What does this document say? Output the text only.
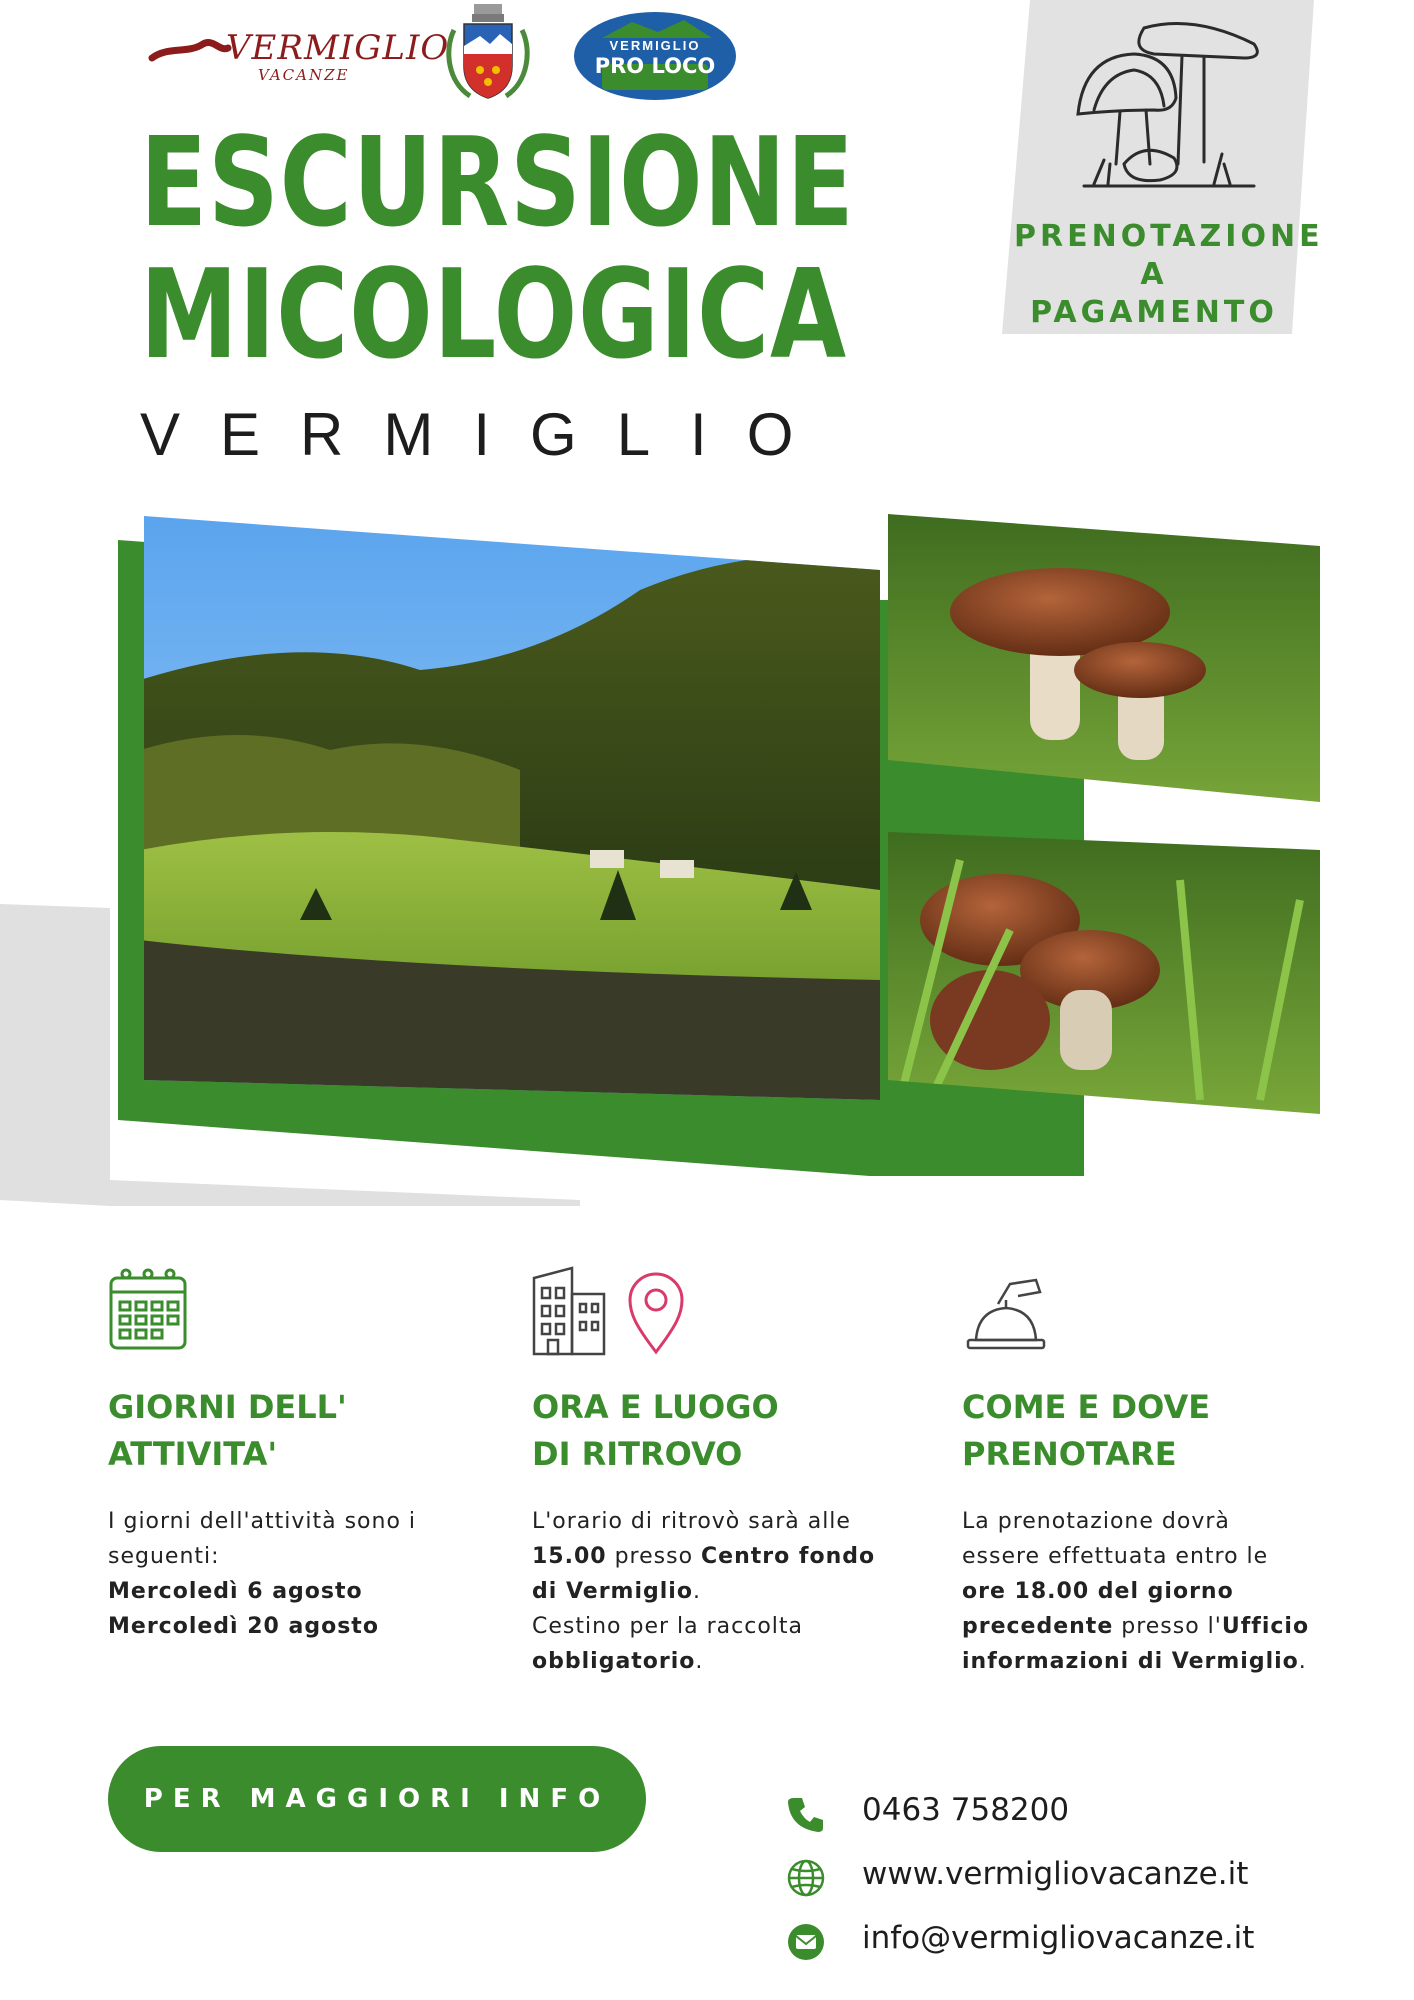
VERMIGLIO
VACANZE
VERMIGLIO
PRO LOCO
ESCURSIONE
MICOLOGICA
VERMIGLIO
PRENOTAZIONE
A PAGAMENTO
GIORNI DELL'
ATTIVITA'

I giorni dell'attività sono i
seguenti:
Mercoledì 6 agosto
Mercoledì 20 agosto

ORA E LUOGO
DI RITROVO

L'orario di ritrovò sarà alle
15.00 presso Centro fondo
di Vermiglio.
Cestino per la raccolta
obbligatorio.

COME E DOVE
PRENOTARE

La prenotazione dovrà
essere effettuata entro le
ore 18.00 del giorno
precedente presso l'Ufficio
informazioni di Vermiglio.

PER MAGGIORI INFO	0463 758200
www.vermigliovacanze.it
info@vermigliovacanze.it
